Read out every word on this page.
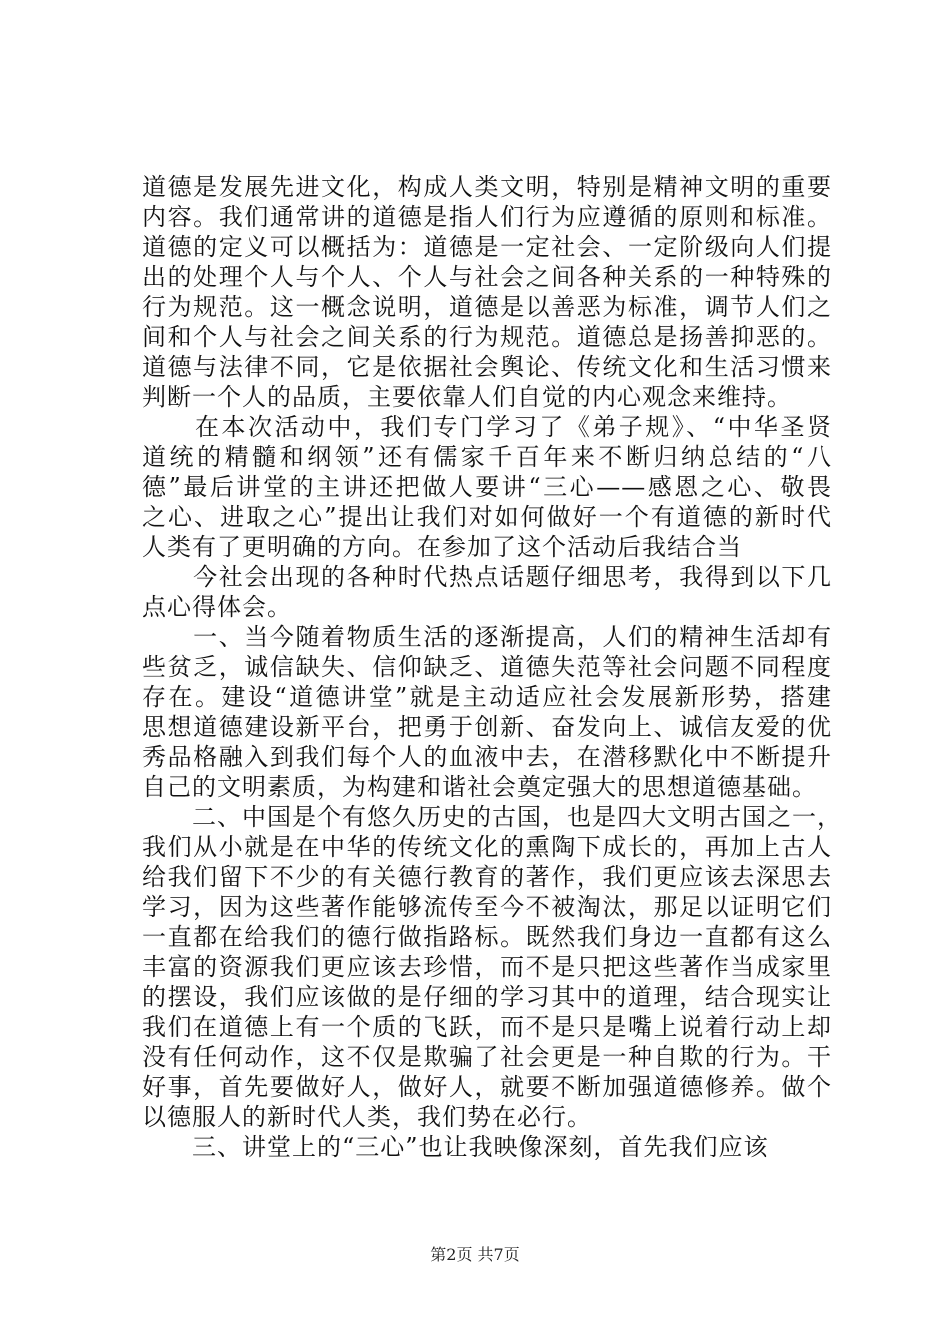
道德是发展先进文化，构成人类文明，特别是精神文明的重要
内容。我们通常讲的道德是指人们行为应遵循的原则和标准。
道德的定义可以概括为：道德是一定社会、一定阶级向人们提
出的处理个人与个人、个人与社会之间各种关系的一种特殊的
行为规范。这一概念说明，道德是以善恶为标准，调节人们之
间和个人与社会之间关系的行为规范。道德总是扬善抑恶的。
道德与法律不同，它是依据社会舆论、传统文化和生活习惯来
判断一个人的品质，主要依靠人们自觉的内心观念来维持。
　　在本次活动中，我们专门学习了《弟子规》、“中华圣贤
道统的精髓和纲领”还有儒家千百年来不断归纳总结的“八
德”最后讲堂的主讲还把做人要讲“三心——感恩之心、敬畏
之心、进取之心”提出让我们对如何做好一个有道德的新时代
人类有了更明确的方向。在参加了这个活动后我结合当
　　今社会出现的各种时代热点话题仔细思考，我得到以下几
点心得体会。
　　一、当今随着物质生活的逐渐提高，人们的精神生活却有
些贫乏，诚信缺失、信仰缺乏、道德失范等社会问题不同程度
存在。建设“道德讲堂”就是主动适应社会发展新形势，搭建
思想道德建设新平台，把勇于创新、奋发向上、诚信友爱的优
秀品格融入到我们每个人的血液中去，在潜移默化中不断提升
自己的文明素质，为构建和谐社会奠定强大的思想道德基础。
　　二、中国是个有悠久历史的古国，也是四大文明古国之一，
我们从小就是在中华的传统文化的熏陶下成长的，再加上古人
给我们留下不少的有关德行教育的著作，我们更应该去深思去
学习，因为这些著作能够流传至今不被淘汰，那足以证明它们
一直都在给我们的德行做指路标。既然我们身边一直都有这么
丰富的资源我们更应该去珍惜，而不是只把这些著作当成家里
的摆设，我们应该做的是仔细的学习其中的道理，结合现实让
我们在道德上有一个质的飞跃，而不是只是嘴上说着行动上却
没有任何动作，这不仅是欺骗了社会更是一种自欺的行为。干
好事，首先要做好人，做好人，就要不断加强道德修养。做个
以德服人的新时代人类，我们势在必行。
　　三、讲堂上的“三心”也让我映像深刻，首先我们应该
第2页 共7页
